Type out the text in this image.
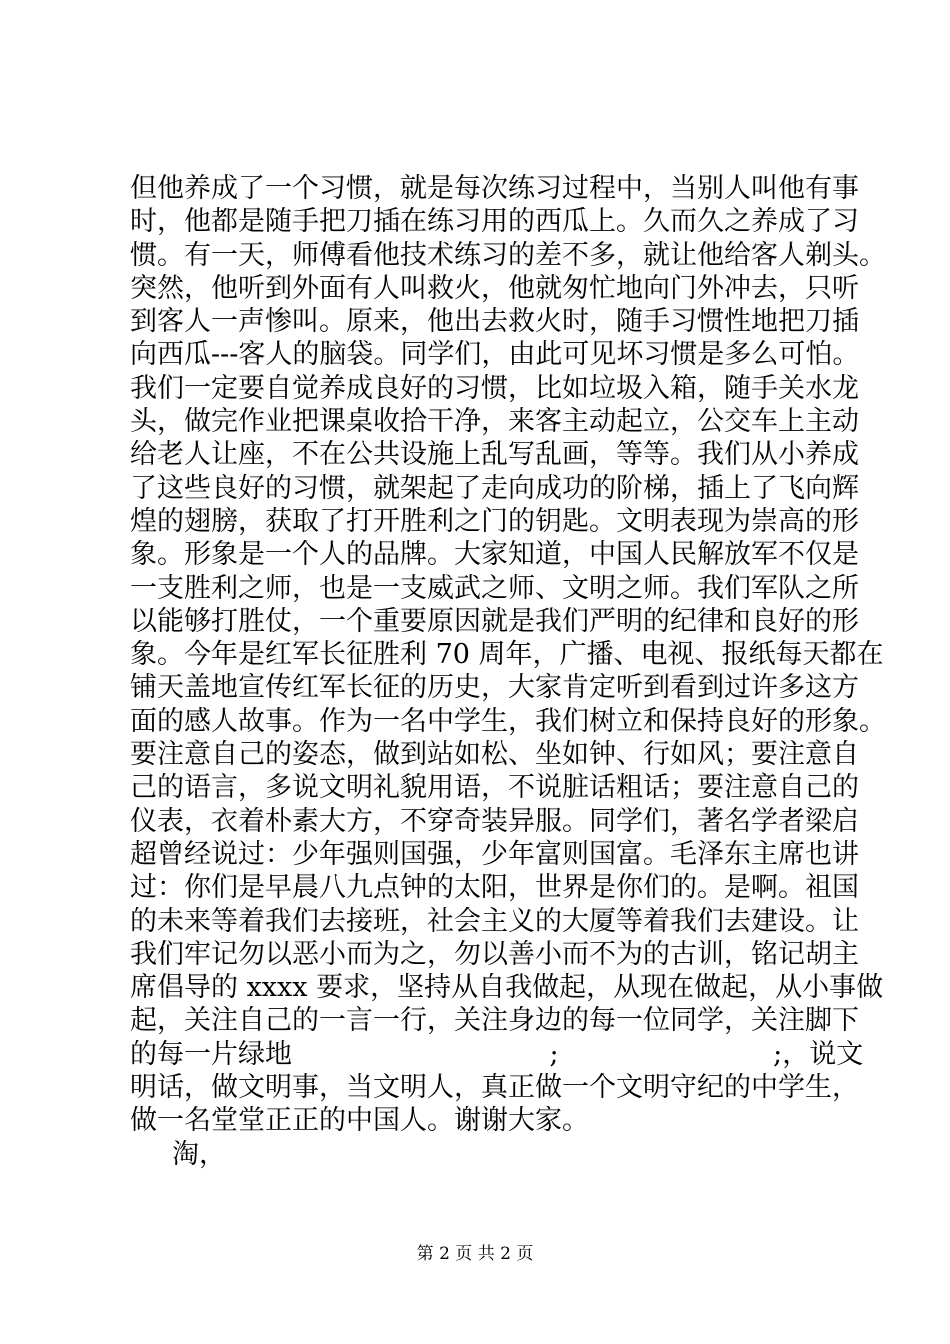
但他养成了一个习惯，就是每次练习过程中，当别人叫他有事
时，他都是随手把刀插在练习用的西瓜上。久而久之养成了习
惯。有一天，师傅看他技术练习的差不多，就让他给客人剃头。
突然，他听到外面有人叫救火，他就匆忙地向门外冲去，只听
到客人一声惨叫。原来，他出去救火时，随手习惯性地把刀插
向西瓜---客人的脑袋。同学们，由此可见坏习惯是多么可怕。
我们一定要自觉养成良好的习惯，比如垃圾入箱，随手关水龙
头，做完作业把课桌收拾干净，来客主动起立，公交车上主动
给老人让座，不在公共设施上乱写乱画，等等。我们从小养成
了这些良好的习惯，就架起了走向成功的阶梯，插上了飞向辉
煌的翅膀，获取了打开胜利之门的钥匙。文明表现为崇高的形
象。形象是一个人的品牌。大家知道，中国人民解放军不仅是
一支胜利之师，也是一支威武之师、文明之师。我们军队之所
以能够打胜仗，一个重要原因就是我们严明的纪律和良好的形
象。今年是红军长征胜利 70 周年，广播、电视、报纸每天都在
铺天盖地宣传红军长征的历史，大家肯定听到看到过许多这方
面的感人故事。作为一名中学生，我们树立和保持良好的形象。
要注意自己的姿态，做到站如松、坐如钟、行如风；要注意自
己的语言，多说文明礼貌用语，不说脏话粗话；要注意自己的
仪表，衣着朴素大方，不穿奇装异服。同学们，著名学者梁启
超曾经说过：少年强则国强，少年富则国富。毛泽东主席也讲
过：你们是早晨八九点钟的太阳，世界是你们的。是啊。祖国
的未来等着我们去接班，社会主义的大厦等着我们去建设。让
我们牢记勿以恶小而为之，勿以善小而不为的古训，铭记胡主
席倡导的 xxxx 要求，坚持从自我做起，从现在做起，从小事做
起，关注自己的一言一行，关注身边的每一位同学，关注脚下
的每一片绿地                              ;                         ;，说文
明话，做文明事，当文明人，真正做一个文明守纪的中学生，
做一名堂堂正正的中国人。谢谢大家。
淘，
第 2 页 共 2 页
